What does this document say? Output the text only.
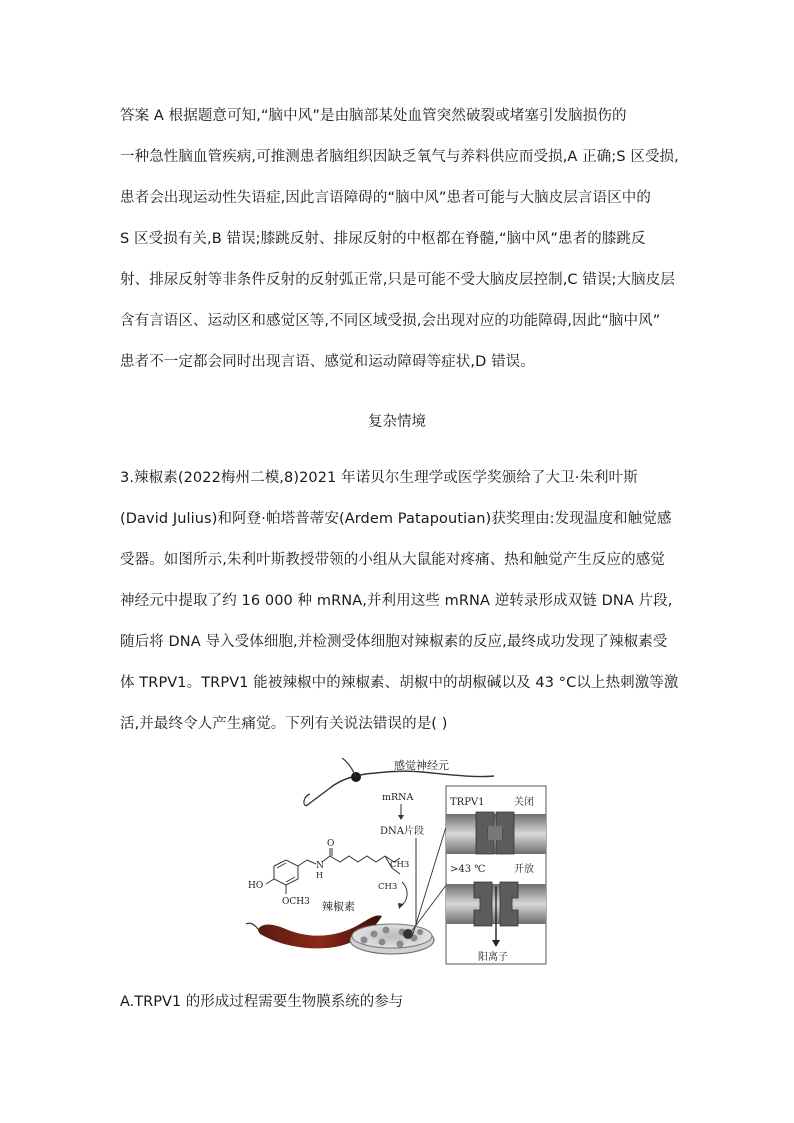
答案 A 根据题意可知,“脑中风”是由脑部某处血管突然破裂或堵塞引发脑损伤的
一种急性脑血管疾病,可推测患者脑组织因缺乏氧气与养料供应而受损,A 正确;S 区受损,
患者会出现运动性失语症,因此言语障碍的“脑中风”患者可能与大脑皮层言语区中的
S 区受损有关,B 错误;膝跳反射、排尿反射的中枢都在脊髓,“脑中风”患者的膝跳反
射、排尿反射等非条件反射的反射弧正常,只是可能不受大脑皮层控制,C 错误;大脑皮层
含有言语区、运动区和感觉区等,不同区域受损,会出现对应的功能障碍,因此“脑中风”
患者不一定都会同时出现言语、感觉和运动障碍等症状,D 错误。
复杂情境
3.辣椒素(2022梅州二模,8)2021 年诺贝尔生理学或医学奖颁给了大卫·朱利叶斯
(David Julius)和阿登·帕塔普蒂安(Ardem Patapoutian)获奖理由:发现温度和触觉感
受器。如图所示,朱利叶斯教授带领的小组从大鼠能对疼痛、热和触觉产生反应的感觉
神经元中提取了约 16 000 种 mRNA,并利用这些 mRNA 逆转录形成双链 DNA 片段,
随后将 DNA 导入受体细胞,并检测受体细胞对辣椒素的反应,最终成功发现了辣椒素受
体 TRPV1。TRPV1 能被辣椒中的辣椒素、胡椒中的胡椒碱以及 43 °C以上热刺激等激
活,并最终令人产生痛觉。下列有关说法错误的是( )
感觉神经元
mRNA
DNA片段
HO
OCH3
N
H
O
CH3
CH3
辣椒素
TRPV1	关闭
>43 ℃	开放
阳离子
A.TRPV1 的形成过程需要生物膜系统的参与
